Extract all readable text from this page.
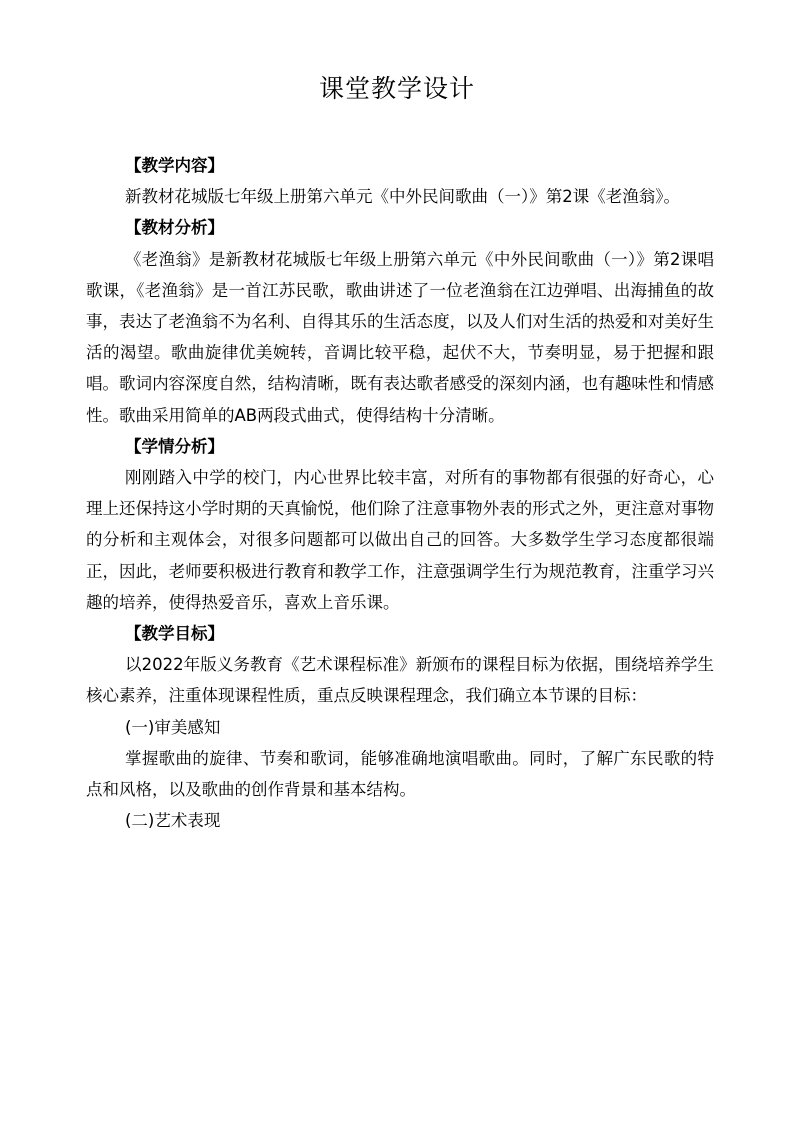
课堂教学设计

【教学内容】

新教材花城版七年级上册第六单元《中外民间歌曲（一）》第2课《老渔翁》。

【教材分析】

《老渔翁》是新教材花城版七年级上册第六单元《中外民间歌曲（一）》第2课唱歌课，《老渔翁》是一首江苏民歌，歌曲讲述了一位老渔翁在江边弹唱、出海捕鱼的故事，表达了老渔翁不为名利、自得其乐的生活态度，以及人们对生活的热爱和对美好生活的渴望。歌曲旋律优美婉转，音调比较平稳，起伏不大，节奏明显，易于把握和跟唱。歌词内容深度自然，结构清晰，既有表达歌者感受的深刻内涵，也有趣味性和情感性。歌曲采用简单的AB两段式曲式，使得结构十分清晰。

【学情分析】

刚刚踏入中学的校门，内心世界比较丰富，对所有的事物都有很强的好奇心，心理上还保持这小学时期的天真愉悦，他们除了注意事物外表的形式之外，更注意对事物的分析和主观体会，对很多问题都可以做出自己的回答。大多数学生学习态度都很端正，因此，老师要积极进行教育和教学工作，注意强调学生行为规范教育，注重学习兴趣的培养，使得热爱音乐，喜欢上音乐课。

【教学目标】

以2022年版义务教育《艺术课程标准》新颁布的课程目标为依据，围绕培养学生核心素养，注重体现课程性质，重点反映课程理念，我们确立本节课的目标：

(一)审美感知

掌握歌曲的旋律、节奏和歌词，能够准确地演唱歌曲。同时，了解广东民歌的特点和风格，以及歌曲的创作背景和基本结构。

(二)艺术表现
